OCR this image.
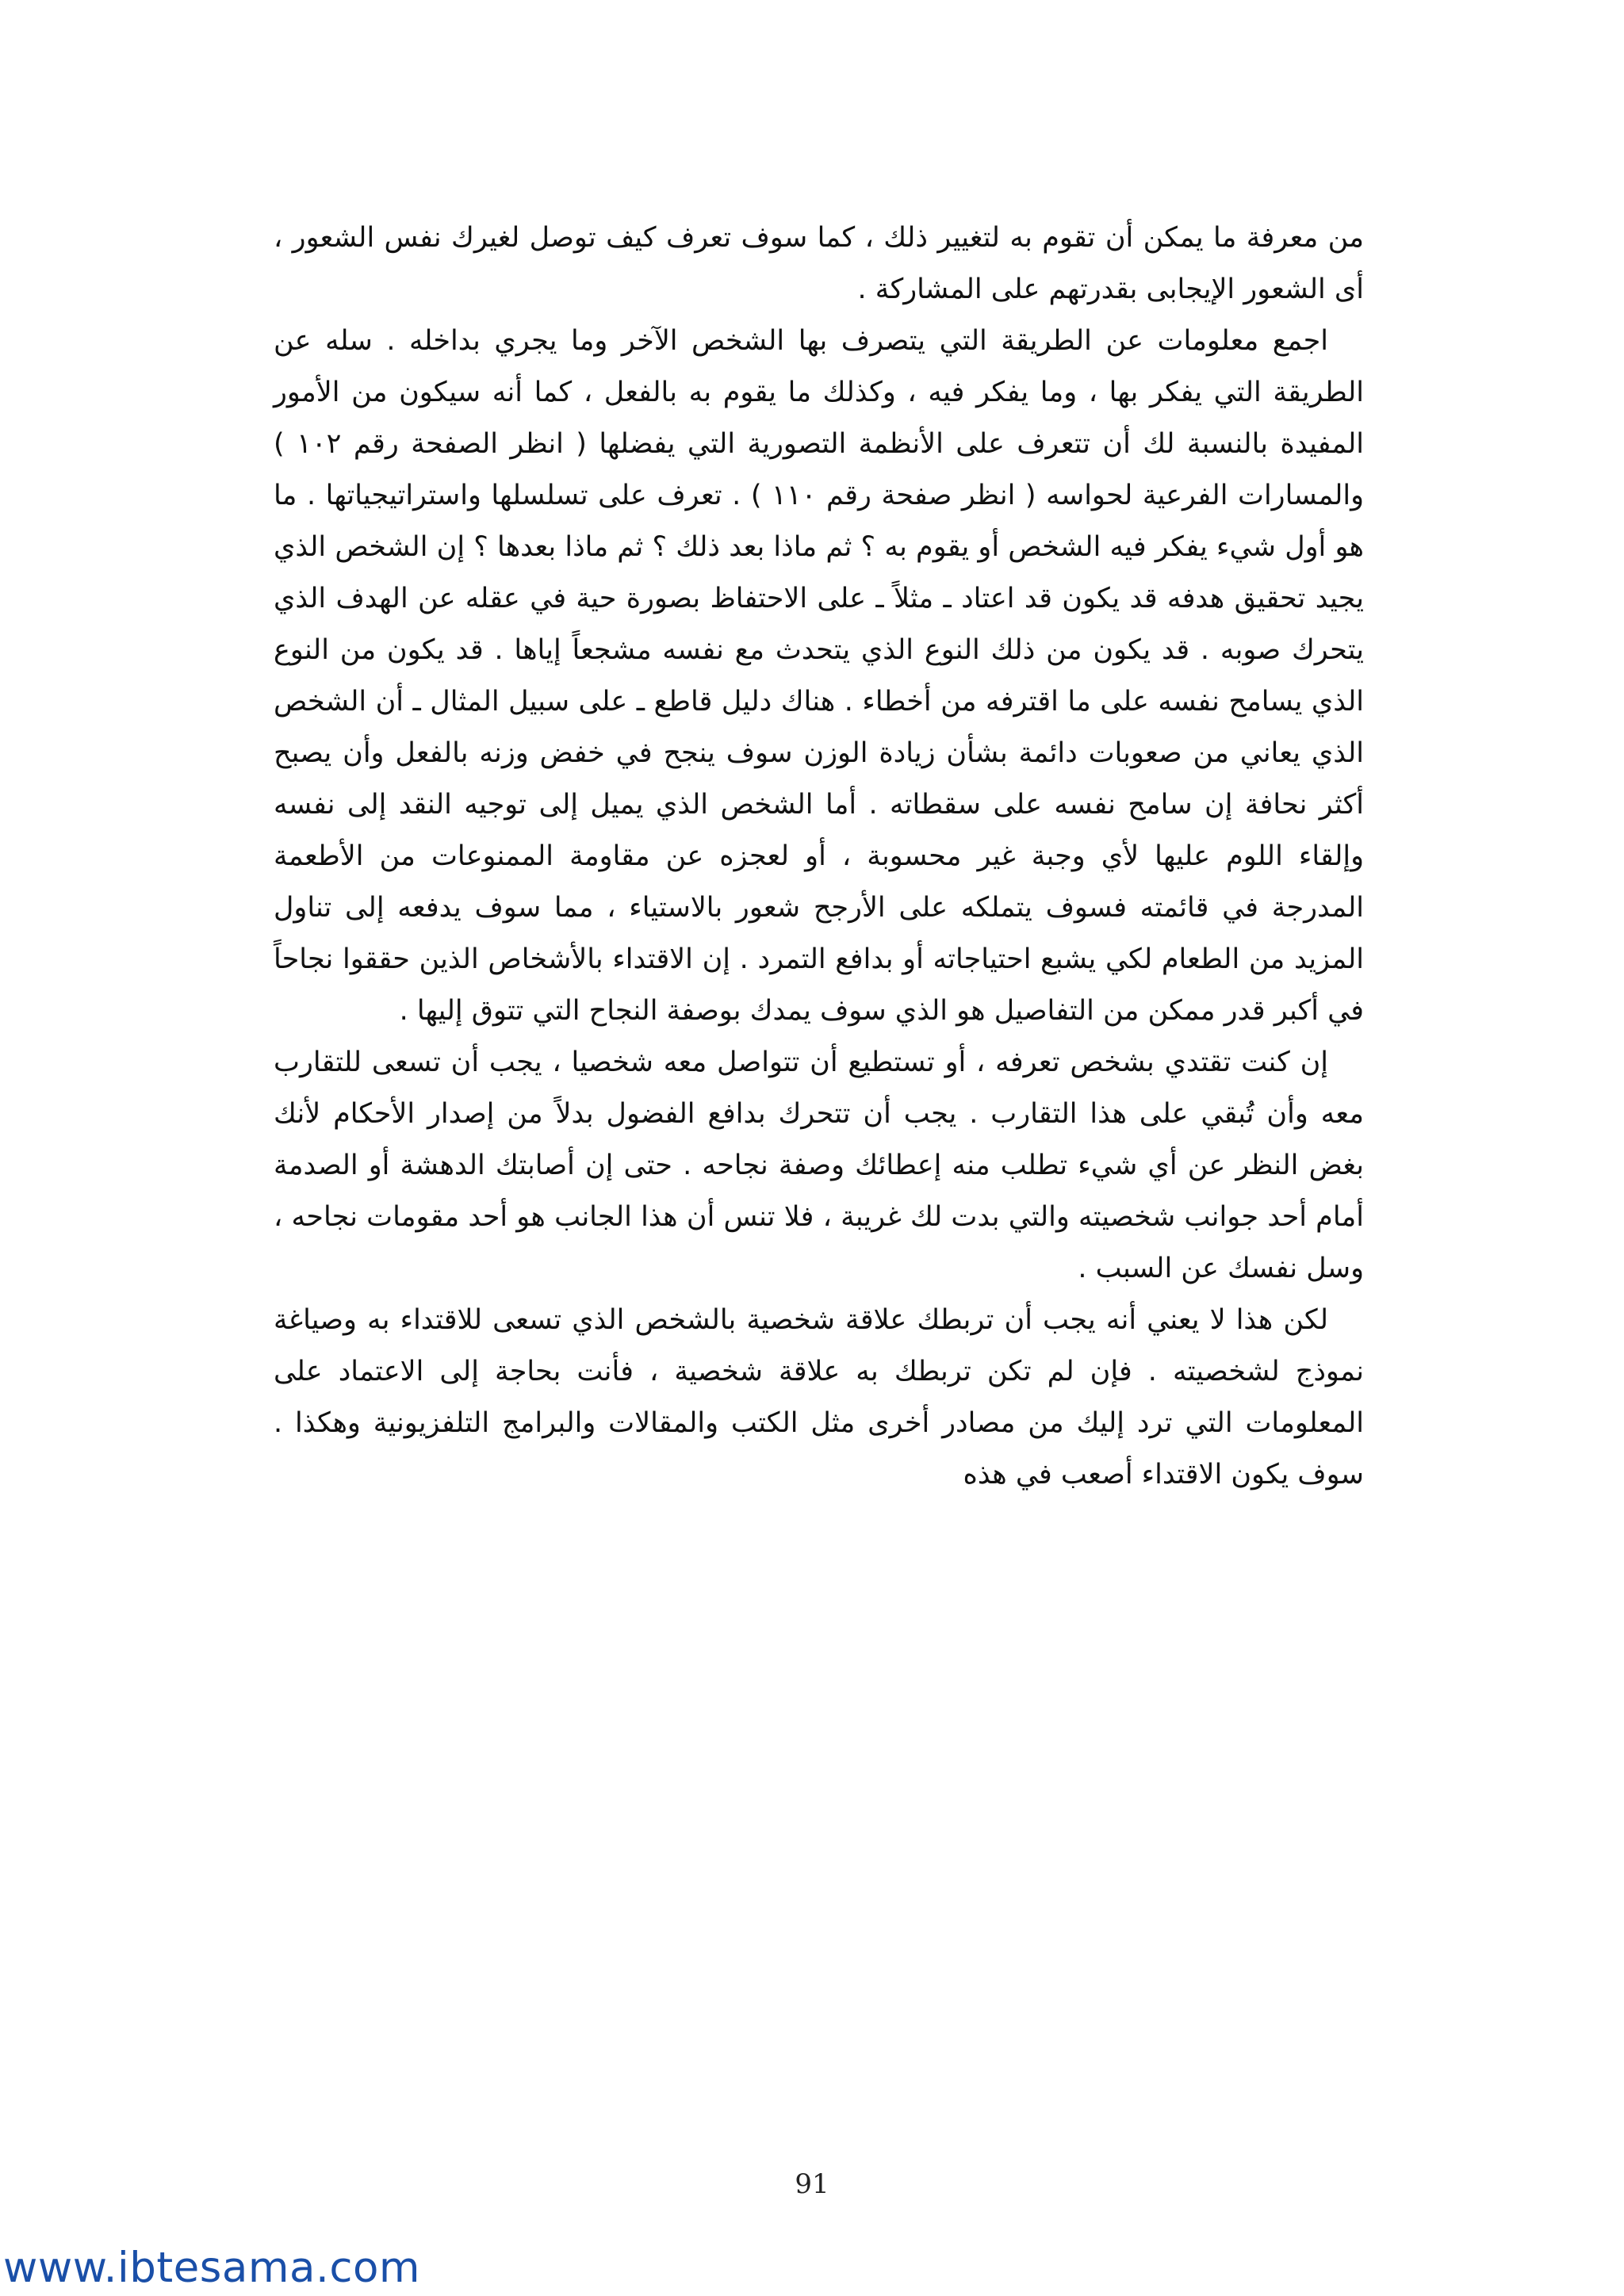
من معرفة ما يمكن أن تقوم به لتغيير ذلك ، كما سوف تعرف كيف توصل لغيرك نفس الشعور ، أى الشعور الإيجابى بقدرتهم على المشاركة .

اجمع معلومات عن الطريقة التي يتصرف بها الشخص الآخر وما يجري بداخله . سله عن الطريقة التي يفكر بها ، وما يفكر فيه ، وكذلك ما يقوم به بالفعل ، كما أنه سيكون من الأمور المفيدة بالنسبة لك أن تتعرف على الأنظمة التصورية التي يفضلها ( انظر الصفحة رقم ١٠٢ ) والمسارات الفرعية لحواسه ( انظر صفحة رقم ١١٠ ) . تعرف على تسلسلها واستراتيجياتها . ما هو أول شيء يفكر فيه الشخص أو يقوم به ؟ ثم ماذا بعد ذلك ؟ ثم ماذا بعدها ؟ إن الشخص الذي يجيد تحقيق هدفه قد يكون قد اعتاد ـ مثلاً ـ على الاحتفاظ بصورة حية في عقله عن الهدف الذي يتحرك صوبه . قد يكون من ذلك النوع الذي يتحدث مع نفسه مشجعاً إياها . قد يكون من النوع الذي يسامح نفسه على ما اقترفه من أخطاء . هناك دليل قاطع ـ على سبيل المثال ـ أن الشخص الذي يعاني من صعوبات دائمة بشأن زيادة الوزن سوف ينجح في خفض وزنه بالفعل وأن يصبح أكثر نحافة إن سامح نفسه على سقطاته . أما الشخص الذي يميل إلى توجيه النقد إلى نفسه وإلقاء اللوم عليها لأي وجبة غير محسوبة ، أو لعجزه عن مقاومة الممنوعات من الأطعمة المدرجة في قائمته فسوف يتملكه على الأرجح شعور بالاستياء ، مما سوف يدفعه إلى تناول المزيد من الطعام لكي يشبع احتياجاته أو بدافع التمرد . إن الاقتداء بالأشخاص الذين حققوا نجاحاً في أكبر قدر ممكن من التفاصيل هو الذي سوف يمدك بوصفة النجاح التي تتوق إليها .

إن كنت تقتدي بشخص تعرفه ، أو تستطيع أن تتواصل معه شخصيا ، يجب أن تسعى للتقارب معه وأن تُبقي على هذا التقارب . يجب أن تتحرك بدافع الفضول بدلاً من إصدار الأحكام لأنك بغض النظر عن أي شيء تطلب منه إعطائك وصفة نجاحه . حتى إن أصابتك الدهشة أو الصدمة أمام أحد جوانب شخصيته والتي بدت لك غريبة ، فلا تنس أن هذا الجانب هو أحد مقومات نجاحه ، وسل نفسك عن السبب .

لكن هذا لا يعني أنه يجب أن تربطك علاقة شخصية بالشخص الذي تسعى للاقتداء به وصياغة نموذج لشخصيته . فإن لم تكن تربطك به علاقة شخصية ، فأنت بحاجة إلى الاعتماد على المعلومات التي ترد إليك من مصادر أخرى مثل الكتب والمقالات والبرامج التلفزيونية وهكذا . سوف يكون الاقتداء أصعب في هذه

91
www.ibtesama.com
